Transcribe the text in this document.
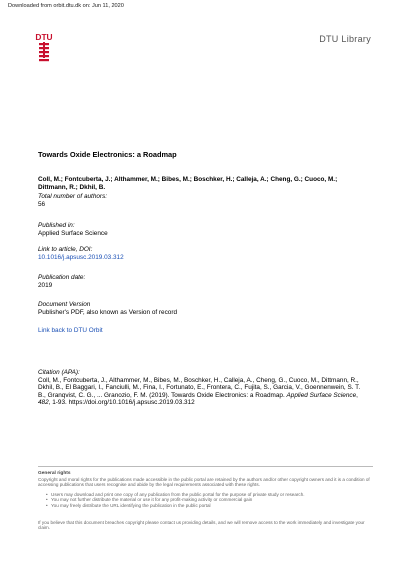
Downloaded from orbit.dtu.dk on: Jun 11, 2020
DTU	DTU Library
Towards Oxide Electronics: a Roadmap
Coll, M.; Fontcuberta, J.; Althammer, M.; Bibes, M.; Boschker, H.; Calleja, A.; Cheng, G.; Cuoco, M.; Dittmann, R.; Dkhil, B.
Total number of authors:
56
Published in:
Applied Surface Science
Link to article, DOI:
10.1016/j.apsusc.2019.03.312
Publication date:
2019
Document Version
Publisher's PDF, also known as Version of record
Link back to DTU Orbit
Citation (APA):
Coll, M., Fontcuberta, J., Althammer, M., Bibes, M., Boschker, H., Calleja, A., Cheng, G., Cuoco, M., Dittmann, R., Dkhil, B., El Baggari, I., Fanciulli, M., Fina, I., Fortunato, E., Frontera, C., Fujita, S., Garcia, V., Goennenwein, S. T. B., Granqvist, C. G., ... Granozio, F. M. (2019). Towards Oxide Electronics: a Roadmap. Applied Surface Science, 482, 1-93. https://doi.org/10.1016/j.apsusc.2019.03.312
General rights
Copyright and moral rights for the publications made accessible in the public portal are retained by the authors and/or other copyright owners and it is a condition of accessing publications that users recognise and abide by the legal requirements associated with these rights.
• Users may download and print one copy of any publication from the public portal for the purpose of private study or research.
• You may not further distribute the material or use it for any profit-making activity or commercial gain
• You may freely distribute the URL identifying the publication in the public portal
If you believe that this document breaches copyright please contact us providing details, and we will remove access to the work immediately and investigate your claim.
